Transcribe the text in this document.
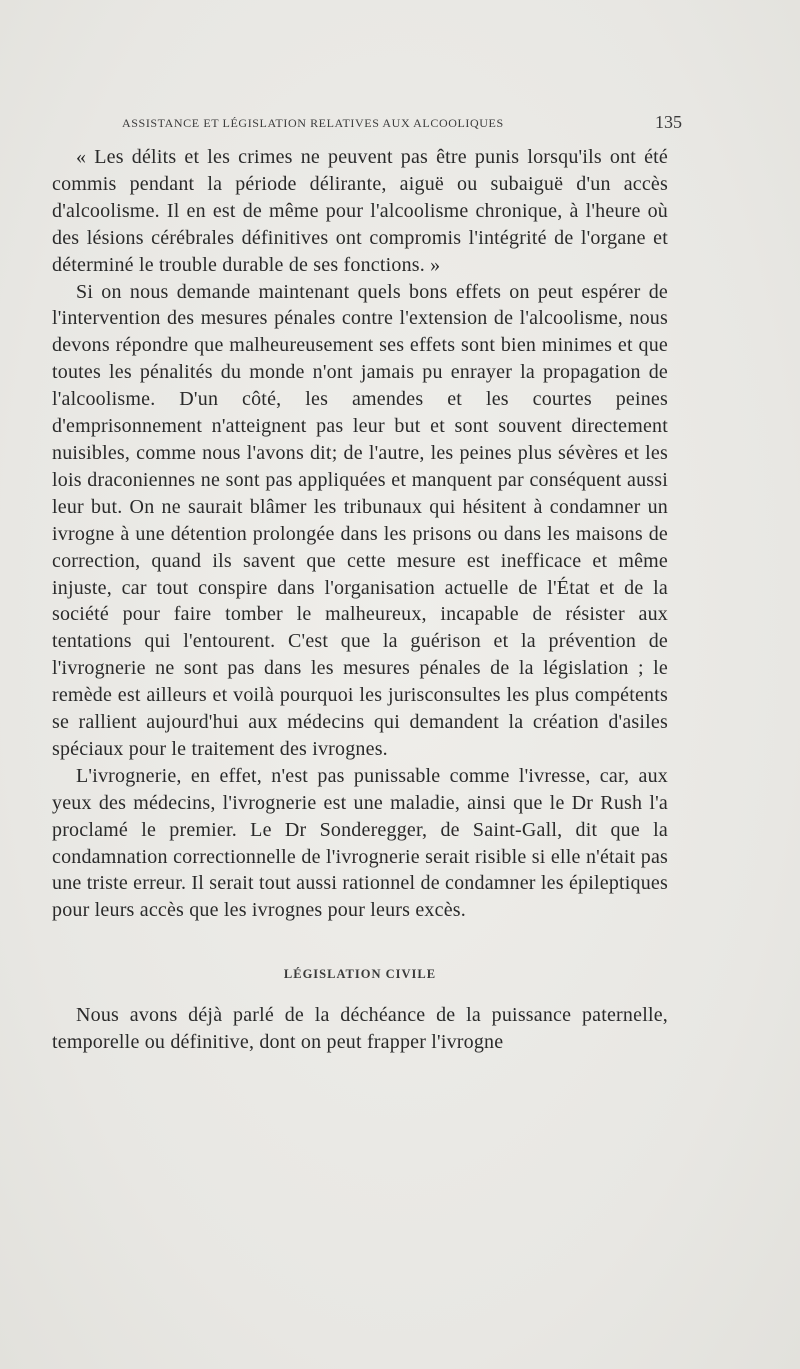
ASSISTANCE ET LÉGISLATION RELATIVES AUX ALCOOLIQUES	135

« Les délits et les crimes ne peuvent pas être punis lorsqu'ils ont été commis pendant la période délirante, aiguë ou subaiguë d'un accès d'alcoolisme. Il en est de même pour l'alcoolisme chronique, à l'heure où des lésions cérébrales définitives ont compromis l'intégrité de l'organe et déterminé le trouble durable de ses fonctions. »

Si on nous demande maintenant quels bons effets on peut espérer de l'intervention des mesures pénales contre l'extension de l'alcoolisme, nous devons répondre que malheureusement ses effets sont bien minimes et que toutes les pénalités du monde n'ont jamais pu enrayer la propagation de l'alcoolisme. D'un côté, les amendes et les courtes peines d'emprisonnement n'atteignent pas leur but et sont souvent directement nuisibles, comme nous l'avons dit; de l'autre, les peines plus sévères et les lois draconiennes ne sont pas appliquées et manquent par conséquent aussi leur but. On ne saurait blâmer les tribunaux qui hésitent à condamner un ivrogne à une détention prolongée dans les prisons ou dans les maisons de correction, quand ils savent que cette mesure est inefficace et même injuste, car tout conspire dans l'organisation actuelle de l'État et de la société pour faire tomber le malheureux, incapable de résister aux tentations qui l'entourent. C'est que la guérison et la prévention de l'ivrognerie ne sont pas dans les mesures pénales de la législation ; le remède est ailleurs et voilà pourquoi les jurisconsultes les plus compétents se rallient aujourd'hui aux médecins qui demandent la création d'asiles spéciaux pour le traitement des ivrognes.

L'ivrognerie, en effet, n'est pas punissable comme l'ivresse, car, aux yeux des médecins, l'ivrognerie est une maladie, ainsi que le Dr Rush l'a proclamé le premier. Le Dr Sonderegger, de Saint-Gall, dit que la condamnation correctionnelle de l'ivrognerie serait risible si elle n'était pas une triste erreur. Il serait tout aussi rationnel de condamner les épileptiques pour leurs accès que les ivrognes pour leurs excès.

LÉGISLATION CIVILE

Nous avons déjà parlé de la déchéance de la puissance paternelle, temporelle ou définitive, dont on peut frapper l'ivrogne
